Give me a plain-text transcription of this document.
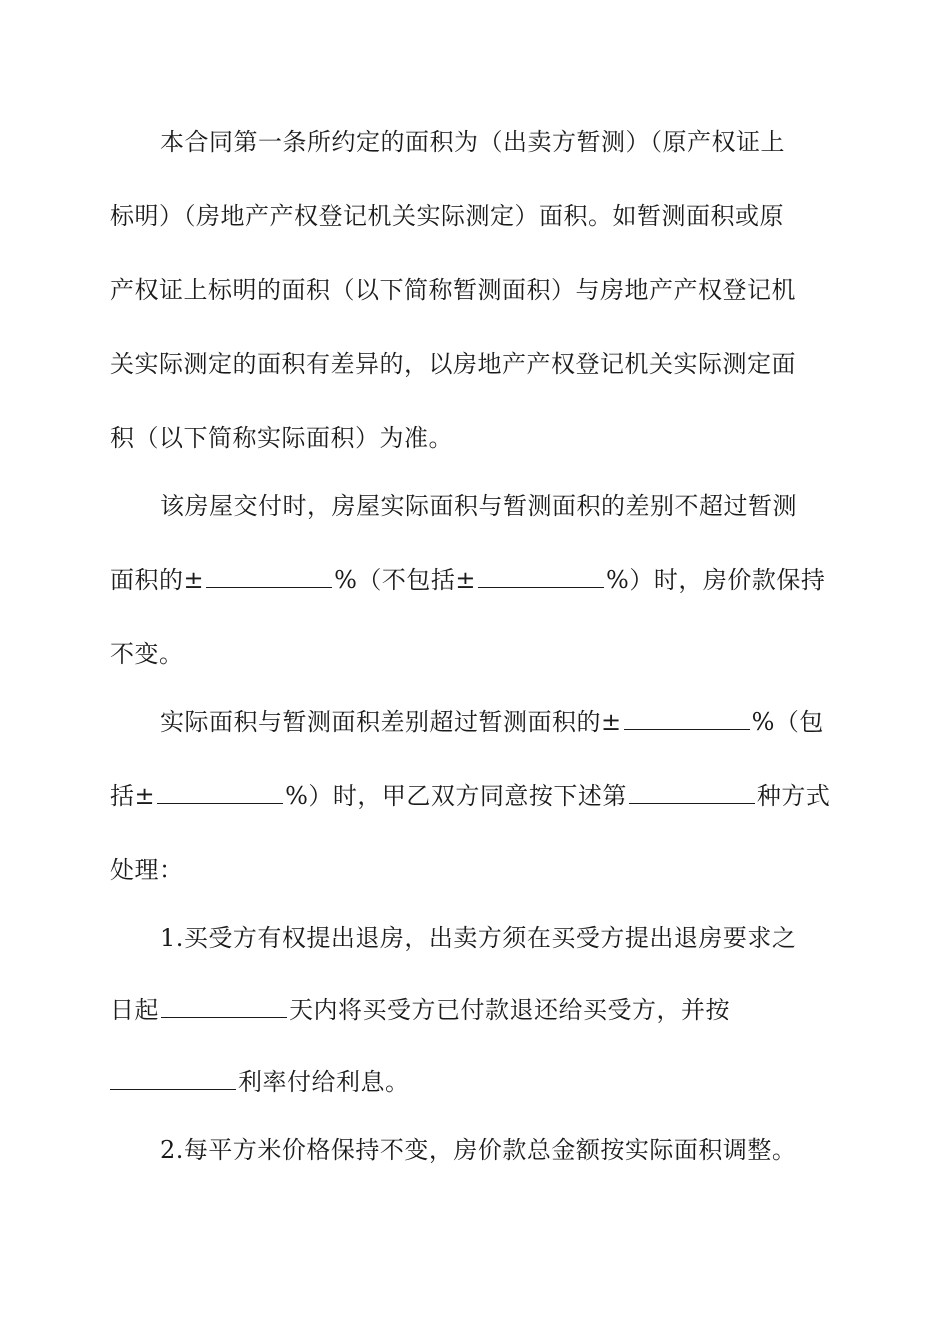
本合同第一条所约定的面积为（出卖方暂测）（原产权证上
标明）（房地产产权登记机关实际测定）面积。如暂测面积或原
产权证上标明的面积（以下简称暂测面积）与房地产产权登记机
关实际测定的面积有差异的，以房地产产权登记机关实际测定面
积（以下简称实际面积）为准。
该房屋交付时，房屋实际面积与暂测面积的差别不超过暂测
面积的±	%（不包括±	%）时，房价款保持
不变。
实际面积与暂测面积差别超过暂测面积的±	%（包
括±	%）时，甲乙双方同意按下述第	种方式
处理：
1.买受方有权提出退房，出卖方须在买受方提出退房要求之
日起	天内将买受方已付款退还给买受方，并按
利率付给利息。
2.每平方米价格保持不变，房价款总金额按实际面积调整。
